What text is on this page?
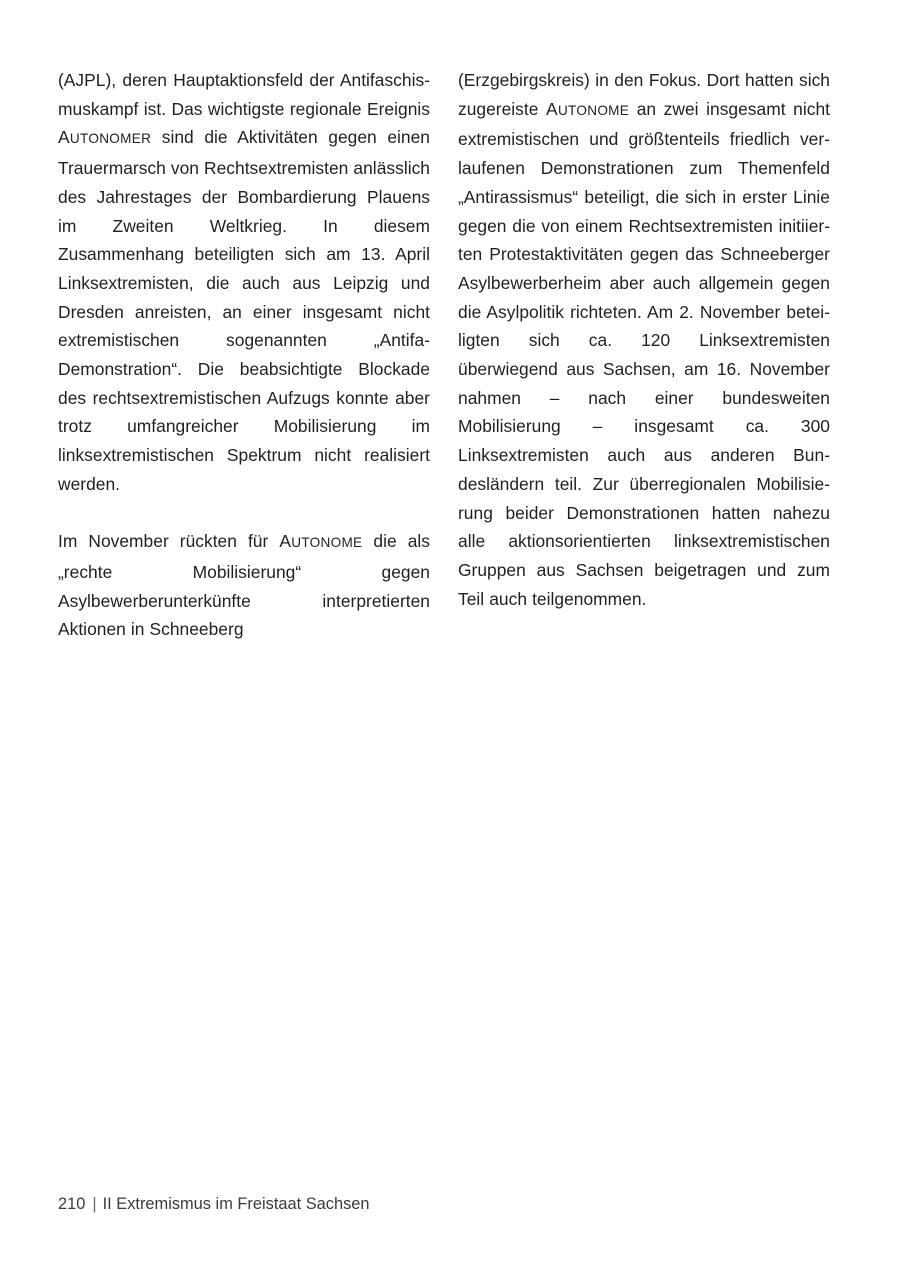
(AJPL), deren Hauptaktionsfeld der Antifaschismuskampf ist. Das wichtigste regionale Ereignis AUTONOMER sind die Aktivitäten gegen einen Trauermarsch von Rechtsextremisten anlässlich des Jahrestages der Bombardierung Plauens im Zweiten Weltkrieg. In diesem Zusammenhang beteiligten sich am 13. April Linksextremisten, die auch aus Leipzig und Dresden anreisten, an einer insgesamt nicht extremistischen sogenannten „Antifa-Demonstration“. Die beabsichtigte Blockade des rechtsextremistischen Aufzugs konnte aber trotz umfangreicher Mobilisierung im linksextremistischen Spektrum nicht realisiert werden.

Im November rückten für AUTONOME die als „rechte Mobilisierung“ gegen Asylbewerberunterkünfte interpretierten Aktionen in Schneeberg

(Erzgebirgskreis) in den Fokus. Dort hatten sich zugereiste AUTONOME an zwei insgesamt nicht extremistischen und größtenteils friedlich verlaufenen Demonstrationen zum Themenfeld „Antirassismus“ beteiligt, die sich in erster Linie gegen die von einem Rechtsextremisten initiierten Protestaktivitäten gegen das Schneeberger Asylbewerberheim aber auch allgemein gegen die Asylpolitik richteten. Am 2. November beteiligten sich ca. 120 Linksextremisten überwiegend aus Sachsen, am 16. November nahmen – nach einer bundesweiten Mobilisierung – insgesamt ca. 300 Linksextremisten auch aus anderen Bundesländern teil. Zur überregionalen Mobilisierung beider Demonstrationen hatten nahezu alle aktionsorientierten linksextremistischen Gruppen aus Sachsen beigetragen und zum Teil auch teilgenommen.

210 | II Extremismus im Freistaat Sachsen
